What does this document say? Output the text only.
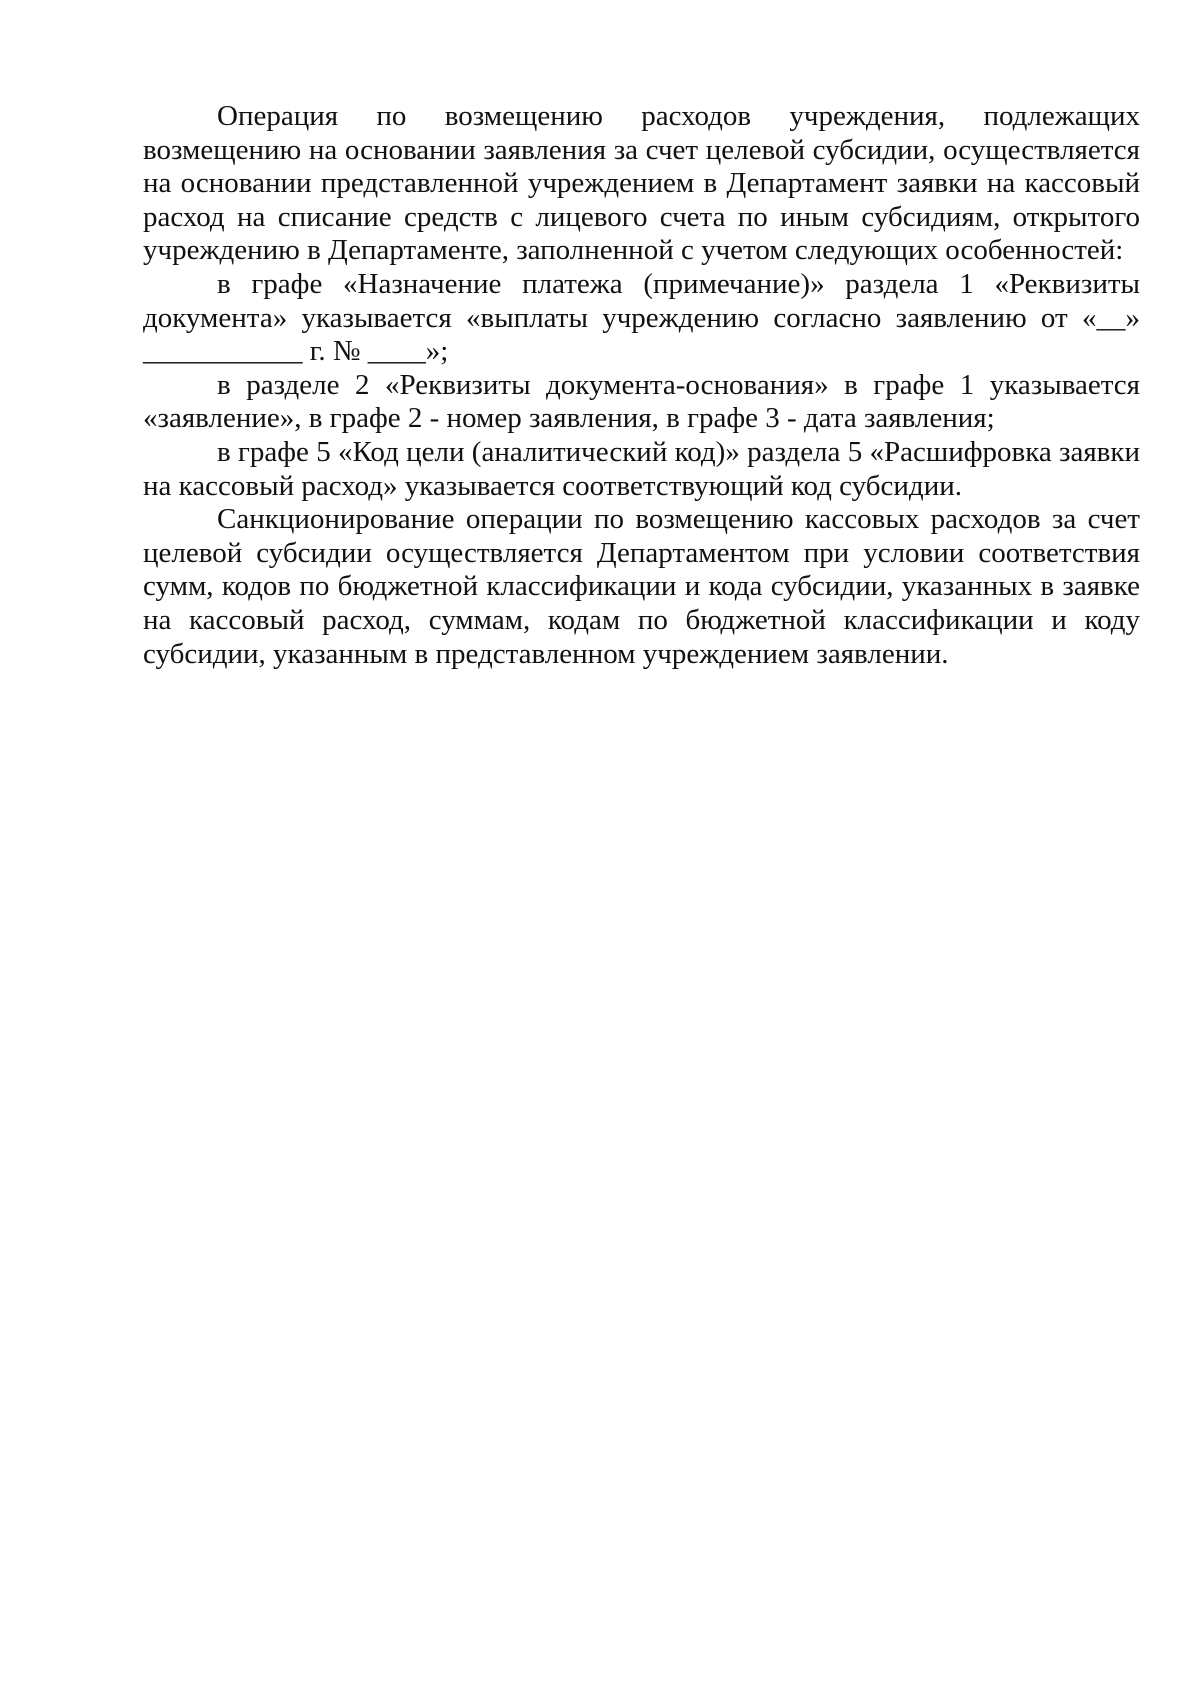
Операция по возмещению расходов учреждения, подлежащих возмещению на основании заявления за счет целевой субсидии, осуществляется на основании представленной учреждением в Департамент заявки на кассовый расход на списание средств с лицевого счета по иным субсидиям, открытого учреждению в Департаменте, заполненной с учетом следующих особенностей:

в графе «Назначение платежа (примечание)» раздела 1 «Реквизиты документа» указывается «выплаты учреждению согласно заявлению от «__» ___________ г. № ____»;

в разделе 2 «Реквизиты документа-основания» в графе 1 указывается «заявление», в графе 2 - номер заявления, в графе 3 - дата заявления;

в графе 5 «Код цели (аналитический код)» раздела 5 «Расшифровка заявки на кассовый расход» указывается соответствующий код субсидии.

Санкционирование операции по возмещению кассовых расходов за счет целевой субсидии осуществляется Департаментом при условии соответствия сумм, кодов по бюджетной классификации и кода субсидии, указанных в заявке на кассовый расход, суммам, кодам по бюджетной классификации и коду субсидии, указанным в представленном учреждением заявлении.
